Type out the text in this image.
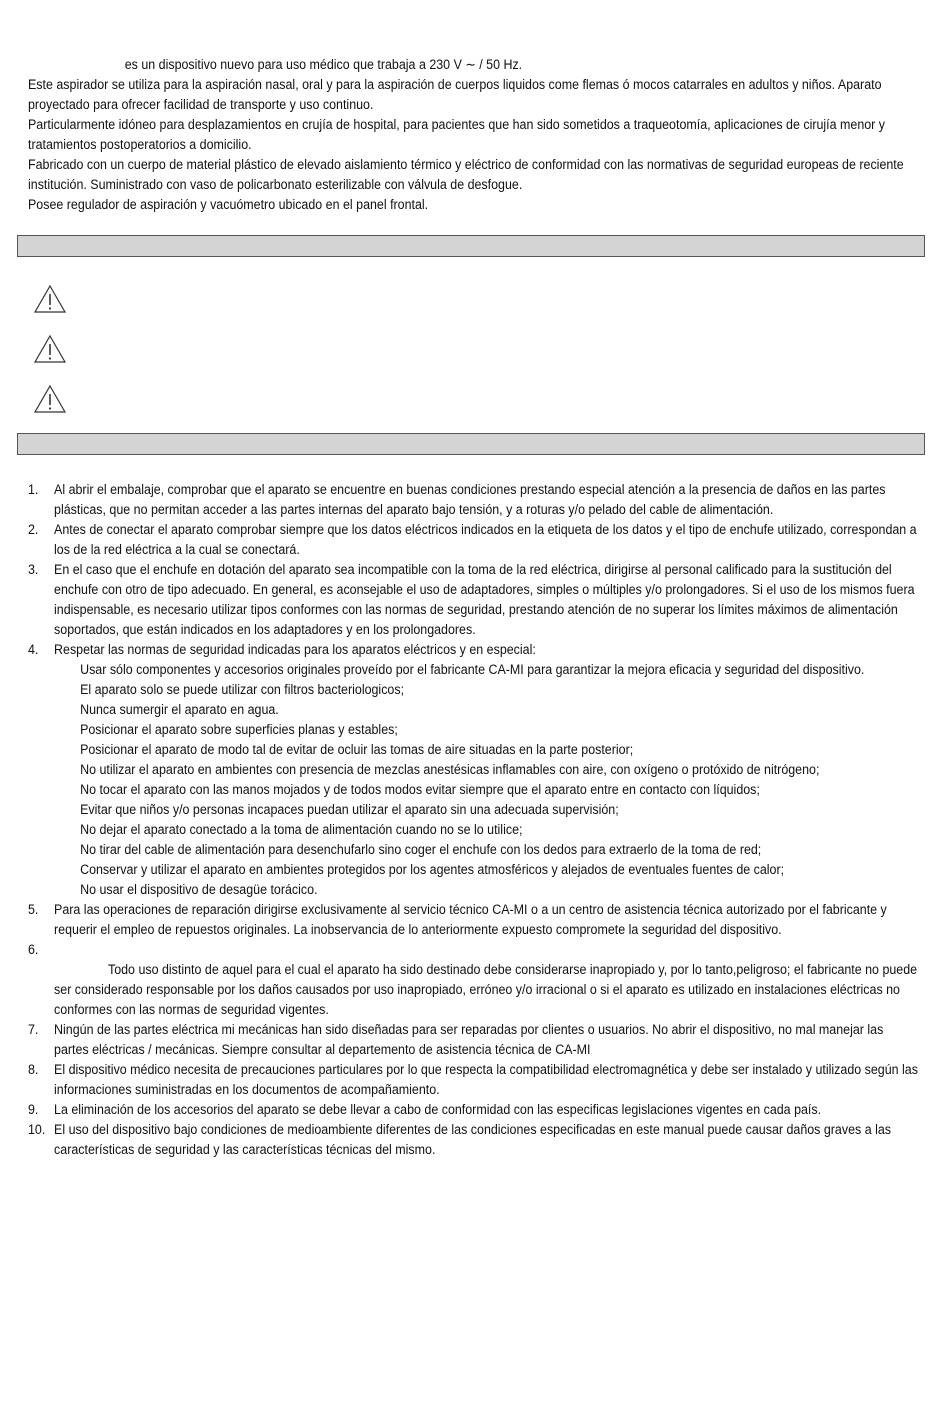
es un dispositivo nuevo para uso médico que trabaja a 230 V ∼ / 50 Hz.

Este aspirador se utiliza para la aspiración nasal, oral y para la aspiración de cuerpos liquidos come flemas ó mocos catarrales en adultos y niños. Aparato proyectado para ofrecer facilidad de transporte y uso continuo.

Particularmente idóneo para desplazamientos en crujía de hospital, para pacientes que han sido sometidos a traqueotomía, aplicaciones de cirujía menor y tratamientos postoperatorios a domicilio.

Fabricado con un cuerpo de material plástico de elevado aislamiento térmico y eléctrico de conformidad con las normativas de seguridad europeas de reciente institución. Suministrado con vaso de policarbonato esterilizable con válvula de desfogue.

Posee regulador de aspiración y vacuómetro ubicado en el panel frontal.

1. Al abrir el embalaje, comprobar que el aparato se encuentre en buenas condiciones prestando especial atención a la presencia de daños en las partes plásticas, que no permitan acceder a las partes internas del aparato bajo tensión, y a roturas y/o pelado del cable de alimentación.
2. Antes de conectar el aparato comprobar siempre que los datos eléctricos indicados en la etiqueta de los datos y el tipo de enchufe utilizado, correspondan a los de la red eléctrica a la cual se conectará.
3. En el caso que el enchufe en dotación del aparato sea incompatible con la toma de la red eléctrica, dirigirse al personal calificado para la sustitución del enchufe con otro de tipo adecuado. En general, es aconsejable el uso de adaptadores, simples o múltiples y/o prolongadores. Si el uso de los mismos fuera indispensable, es necesario utilizar tipos conformes con las normas de seguridad, prestando atención de no superar los límites máximos de alimentación soportados, que están indicados en los adaptadores y en los prolongadores.
4. Respetar las normas de seguridad indicadas para los aparatos eléctricos y en especial:
Usar sólo componentes y accesorios originales proveído por el fabricante CA-MI para garantizar la mejora eficacia y seguridad del dispositivo.
El aparato solo se puede utilizar con filtros bacteriologicos;
Nunca sumergir el aparato en agua.
Posicionar el aparato sobre superficies planas y estables;
Posicionar el aparato de modo tal de evitar de ocluir las tomas de aire situadas en la parte posterior;
No utilizar el aparato en ambientes con presencia de mezclas anestésicas inflamables con aire, con oxígeno o protóxido de nitrógeno;
No tocar el aparato con las manos mojados y de todos modos evitar siempre que el aparato entre en contacto con líquidos;
Evitar que niños y/o personas incapaces puedan utilizar el aparato sin una adecuada supervisión;
No dejar el aparato conectado a la toma de alimentación cuando no se lo utilice;
No tirar del cable de alimentación para desenchufarlo sino coger el enchufe con los dedos para extraerlo de la toma de red;
Conservar y utilizar el aparato en ambientes protegidos por los agentes atmosféricos y alejados de eventuales fuentes de calor;
No usar el dispositivo de desagüe torácico.
5. Para las operaciones de reparación dirigirse exclusivamente al servicio técnico CA-MI o a un centro de asistencia técnica autorizado por el fabricante y requerir el empleo de repuestos originales. La inobservancia de lo anteriormente expuesto compromete la seguridad del dispositivo.
6.
Todo uso distinto de aquel para el cual el aparato ha sido destinado debe considerarse inapropiado y, por lo tanto,peligroso; el fabricante no puede ser considerado responsable por los daños causados por uso inapropiado, erróneo y/o irracional o si el aparato es utilizado en instalaciones eléctricas no conformes con las normas de seguridad vigentes.
7. Ningún de las partes eléctrica mi mecánicas han sido diseñadas para ser reparadas por clientes o usuarios. No abrir el dispositivo, no mal manejar las partes eléctricas / mecánicas. Siempre consultar al departemento de asistencia técnica de CA-MI
8. El dispositivo médico necesita de precauciones particulares por lo que respecta la compatibilidad electromagnética y debe ser instalado y utilizado según las informaciones suministradas en los documentos de acompañamiento.
9. La eliminación de los accesorios del aparato se debe llevar a cabo de conformidad con las especificas legislaciones vigentes en cada país.
10. El uso del dispositivo bajo condiciones de medioambiente diferentes de las condiciones especificadas en este manual puede causar daños graves a las características de seguridad y las características técnicas del mismo.
